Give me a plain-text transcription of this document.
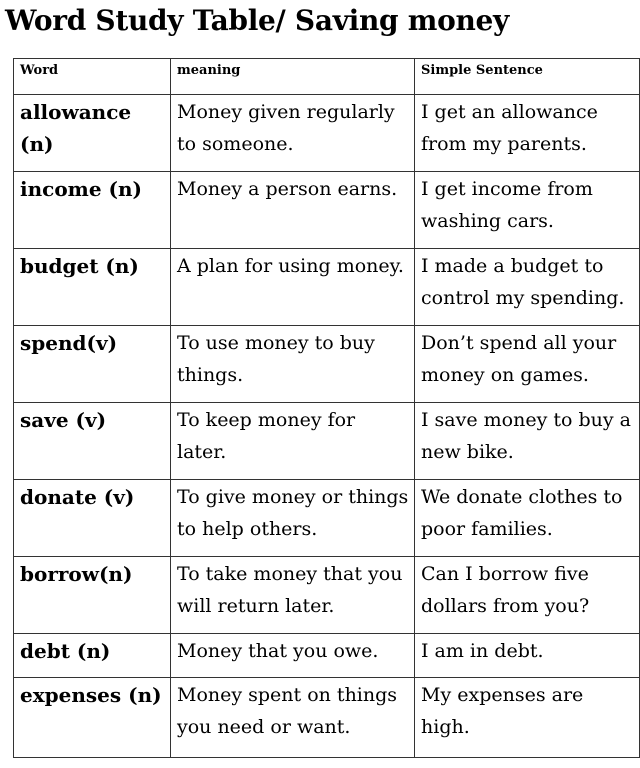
Word Study Table/ Saving money
Word	meaning	Simple Sentence
allowance (n)	Money given regularly to someone.	I get an allowance from my parents.
income (n)	Money a person earns.	I get income from washing cars.
budget (n)	A plan for using money.	I made a budget to control my spending.
spend(v)	To use money to buy things.	Don’t spend all your money on games.
save (v)	To keep money for later.	I save money to buy a new bike.
donate (v)	To give money or things to help others.	We donate clothes to poor families.
borrow(n)	To take money that you will return later.	Can I borrow five dollars from you?
debt (n)	Money that you owe.	I am in debt.
expenses (n)	Money spent on things you need or want.	My expenses are high.
